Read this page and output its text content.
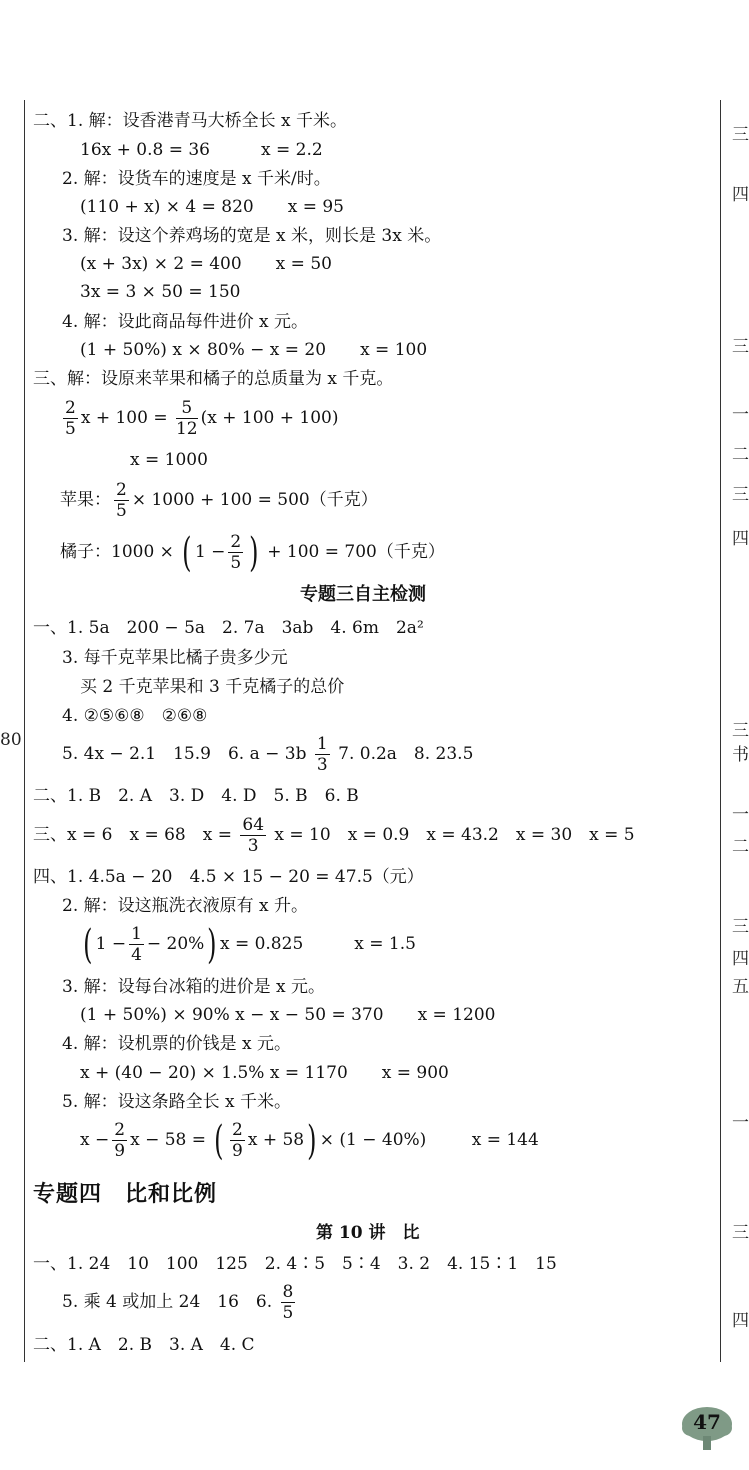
80
三
四
三
一
二
三
四
三
书
一
二
三
四
五
一
三
四
二、1. 解：设香港青马大桥全长 x 千米。
16x + 0.8 = 36　　　x = 2.2
2. 解：设货车的速度是 x 千米/时。
(110 + x) × 4 = 820　　x = 95
3. 解：设这个养鸡场的宽是 x 米，则长是 3x 米。
(x + 3x) × 2 = 400　　x = 50
3x = 3 × 50 = 150
4. 解：设此商品每件进价 x 元。
(1 + 50%) x × 80% − x = 20　　x = 100
三、解：设原来苹果和橘子的总质量为 x 千克。
$\frac{2}{5}$ $x + 100 = \frac{5}{12} (x + 100 + 100)$
x = 1000
苹果： $\frac{2}{5} \times 1000 + 100 = 500$（千克）
橘子：1000 × ( $1 - \frac{2}{5}$ ) + 100 = 700（千克）
专题三自主检测
一、1. 5a　200 − 5a　2. 7a　3ab　4. 6m　2a²
3. 每千克苹果比橘子贵多少元
买 2 千克苹果和 3 千克橘子的总价
4. ②⑤⑥⑧　②⑥⑧
5. 4x − 2.1　15.9　6. $a - 3b \frac{1}{3} 7$. 0.2a　8. 23.5
二、1. B　2. A　3. D　4. D　5. B　6. B
三、x = 6　x = 68　$x = \frac{64}{3}$ x = 10　x = 0.9　x = 43.2　x = 30　x = 5
四、1. 4.5a − 20　4.5 × 15 − 20 = 47.5（元）
2. 解：设这瓶洗衣液原有 x 升。
( $1 - \frac{1}{4} - 20\%$) x = 0.825　　　x = 1.5
3. 解：设每台冰箱的进价是 x 元。
(1 + 50%) × 90% x − x − 50 = 370　　x = 1200
4. 解：设机票的价钱是 x 元。
x + (40 − 20) × 1.5% x = 1170　　x = 900
5. 解：设这条路全长 x 千米。
$x - \frac{2}{9}$ x − 58 = ( $\frac{2}{9}$ x + 58) × (1 − 40%)	x = 144
专题四　比和比例
第 10 讲　比
一、1. 24　10　100　125　2. 4∶5　5∶4　3. 2　4. 15∶1　15
5. 乘 4 或加上 24　16　6. $\frac{8}{5}$
二、1. A　2. B　3. A　4. C
47
